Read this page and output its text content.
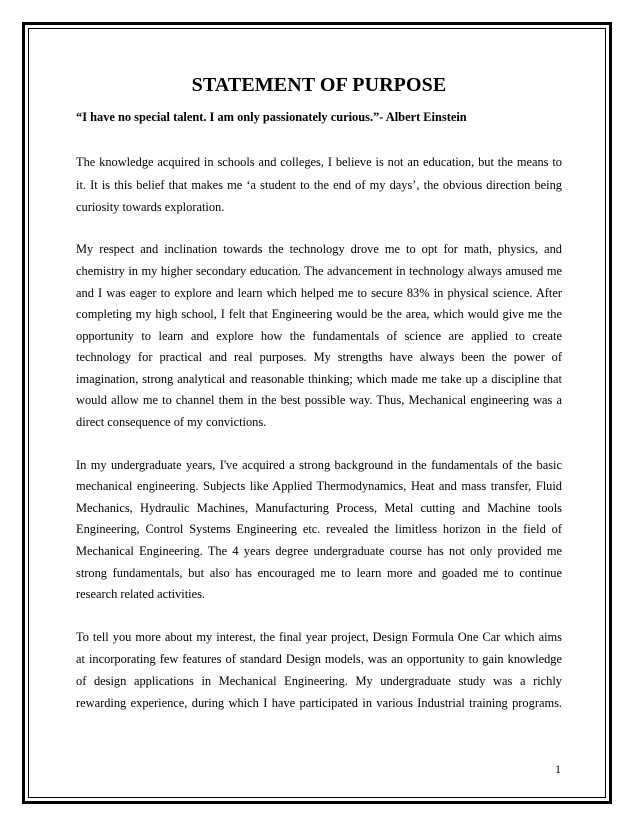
STATEMENT OF PURPOSE
“I have no special talent. I am only passionately curious.”- Albert Einstein
The knowledge acquired in schools and colleges, I believe is not an education, but the means to
it. It is this belief that makes me ‘a student to the end of my days’, the obvious direction being
curiosity towards exploration.
My respect and inclination towards the technology drove me to opt for math, physics, and
chemistry in my higher secondary education. The advancement in technology always amused me
and I was eager to explore and learn which helped me to secure 83% in physical science. After
completing my high school, I felt that Engineering would be the area, which would give me the
opportunity to learn and explore how the fundamentals of science are applied to create
technology for practical and real purposes. My strengths have always been the power of
imagination, strong analytical and reasonable thinking; which made me take up a discipline that
would allow me to channel them in the best possible way. Thus, Mechanical engineering was a
direct consequence of my convictions.
In my undergraduate years, I've acquired a strong background in the fundamentals of the basic
mechanical engineering. Subjects like Applied Thermodynamics, Heat and mass transfer, Fluid
Mechanics, Hydraulic Machines, Manufacturing Process, Metal cutting and Machine tools
Engineering, Control Systems Engineering etc. revealed the limitless horizon in the field of
Mechanical Engineering. The 4 years degree undergraduate course has not only provided me
strong fundamentals, but also has encouraged me to learn more and goaded me to continue
research related activities.
To tell you more about my interest, the final year project, Design Formula One Car which aims
at incorporating few features of standard Design models, was an opportunity to gain knowledge
of design applications in Mechanical Engineering. My undergraduate study was a richly
rewarding experience, during which I have participated in various Industrial training programs.
1
